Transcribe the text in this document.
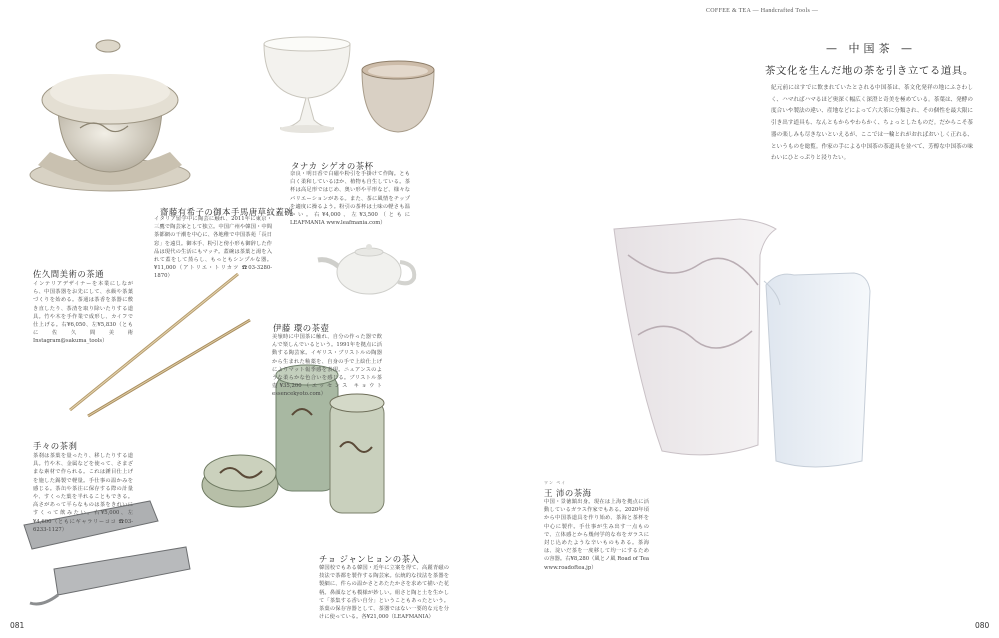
COFFEE & TEA — Handcrafted Tools —
— 中国茶 —
茶文化を生んだ地の茶を引き立てる道具。
紀元前にはすでに飲まれていたとされる中国茶は、茶文化発祥の地にふさわしく、ハマればハマるほど奥深く幅広く深澄と奇美を極めている。茶葉は、発酵の度合いや製法の違い、産地などによって六大茶に分類され、その個性を最大限に引き出す道具も、なんともからやわらかく、ちょっとしたものだ。だからこそ茶器の楽しみも尽きないといえるが、ここでは一輪とれがおればおいしく正れる、というものを総覧。作家の手による中国茶の茶道具を並べて、芳醇な中国茶の味わいにひとっぷりと浸りたい。
齋藤有希子の御本手馬唐草紋蓋碗
イタリア留学中に陶芸に触れ、2011年に東京・三鷹で陶芸家として独立。中国广州や韓国・中間茶都網の干潮を中心に、各地稚で中国茶苑「長日窓」を遠貝。御本手、粉引と傍小形も御辞した作品は現代の生活にもマッチ。蓋碗は茶葉と湯を入れて蓋をして蒸らし、もっともシンプルな器。¥11,000（アトリエ・トリカツ ☎03-3280-1870）
タナカ シゲオの茶杯
奈良・明日香で白磁や粉引を手掛けて作陶。とも白く柔和しているほか、植物も自生している。茶杯は高足形ではじめ、奥い形や平形など、様々なバリエーションがある。また、茶に風情をチップを適度に操るよう。粉引の茶杯は土味の軽さも温かい。右¥4,000、左¥3,500（ともにLEAFMANIA www.leafmania.com）
佐久間美術の茶通
インテリアデザイナーを本業にしながら、中国茶器をお先にして、水級や茶葉づくりを始める。茶通は茶香を茶器に敷き直したり、茶渣を取り除いたりする道具。竹や木を手作業で成形し、カイフで仕上げる。右¥6,050、左¥5,830（ともに佐久間美術 Instagram@sakuma_tools）
伊藤 環の茶壺
美嶺時に中国茶に触れ、自分の作った器で飲んで楽しんでいるという。1991年を拠点に活動する陶芸家。イギリス・ブリストルの陶器から生まれた釉薬を、自身の手で上絵仕上げによりマット報季感を表現。ニュアンスのような柔らかな色合いを感じる。ブリストル茶壺¥35,200（エッセンス キョウト essencekyoto.com）
手々の茶刹
茶刹は茶葉を量ったり、移したりする道具。竹や木、金属などを使って、さまざまな素材で作られる。これは錘目仕上げを施した錫製で軽量。手仕事の温かみを感じる。茶缶や茶注に保存する際の計量や、すくった葉を半れることもできる。高さがあって平らなものは茶をきれいにすくって飲みたい。右¥5,000、左¥4,600（ともにギャラリーココ ☎03-6233-1127）
チョ ジャンヒョンの茶入
韓国校でもある韓国・近年に立案を得て、高麗青磁の技法で茶都を製作する陶芸家。伝統的な技法を茶器を製細に、件らの温かさとあたたかさを求めて描いた花柄。鼻顔なども模様が妙しい。組さと陶と土を生かして「茶集する香い自分」ということもあったという。茶葉の保存容器として、茶器ではない一要的な元を分けに使っている。各¥21,000（LEAFMANIA）
ワン ペイ
王 沛の茶海
中国・景徳鎮出身。現在は上海を拠点に活動しているガラス作家でもある。2020年頃から中国茶道具を作り始め、茶海と茶杯を中心に製作。手仕事が生み出す一点もので、立体感とから幾何学的な布をガラスに封じ込めたような辛いものもある。茶海は、淀いだ茶を一度移して均一にするための容器。右¥8,280（風とノ風 Road of Tea www.roadoftea.jp）
081	080
